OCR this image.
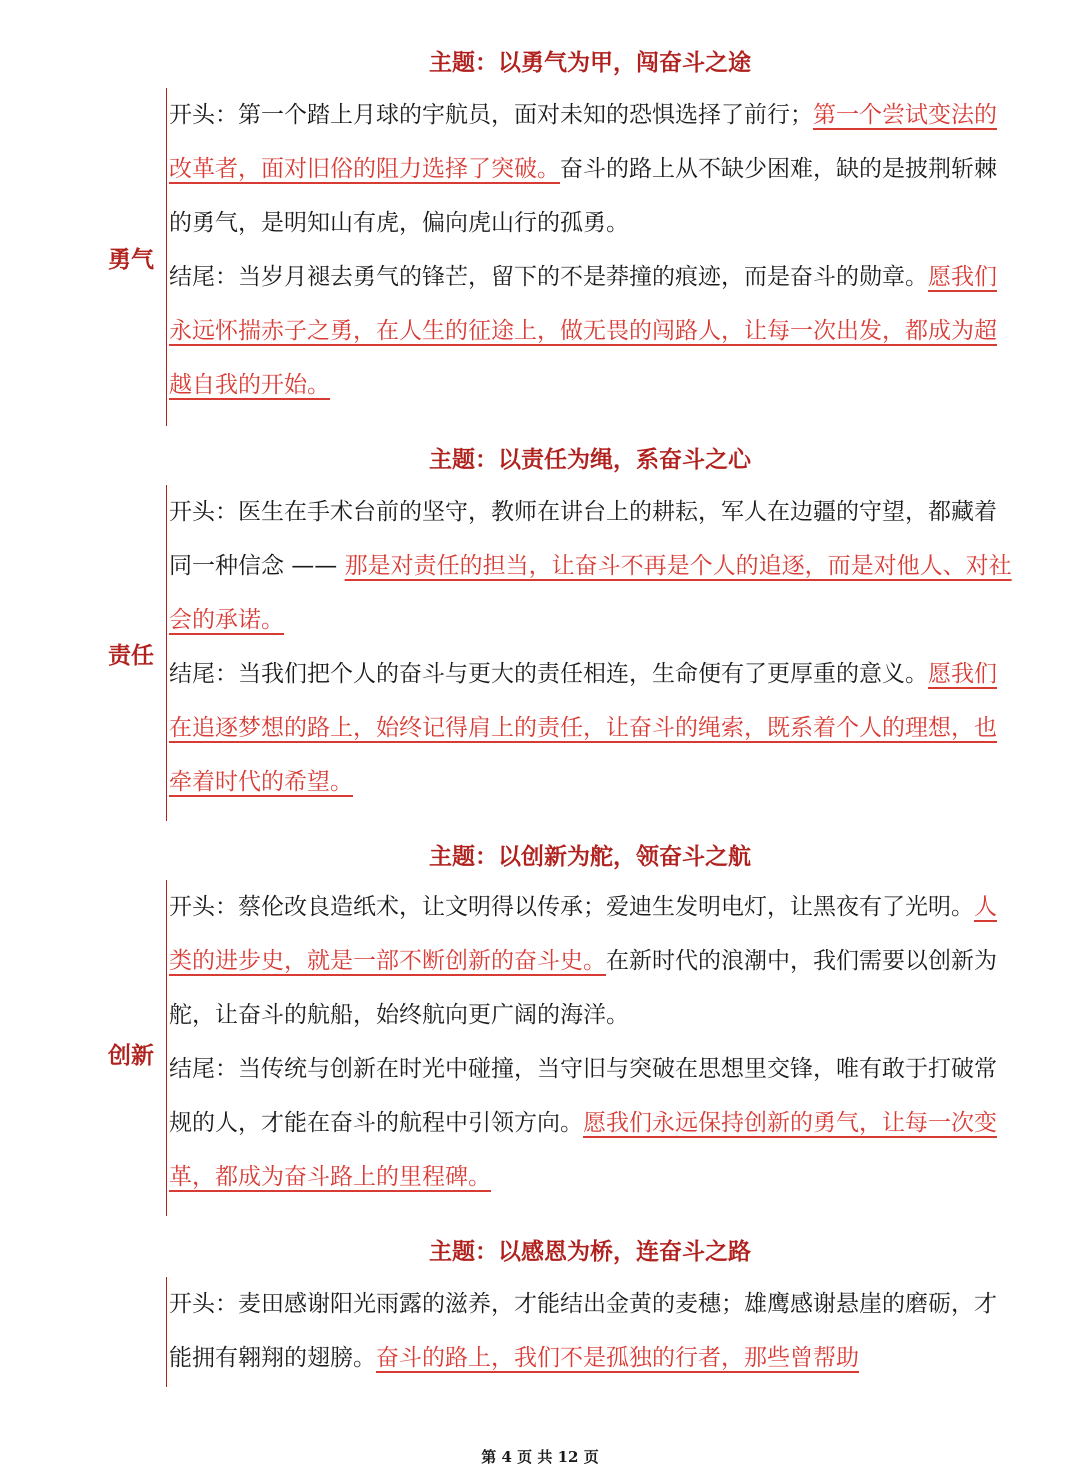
主题：以勇气为甲，闯奋斗之途
勇气

开头：第一个踏上月球的宇航员，面对未知的恐惧选择了前行；第一个尝试变法的改革者，面对旧俗的阻力选择了突破。奋斗的路上从不缺少困难，缺的是披荆斩棘的勇气，是明知山有虎，偏向虎山行的孤勇。

结尾：当岁月褪去勇气的锋芒，留下的不是莽撞的痕迹，而是奋斗的勋章。愿我们永远怀揣赤子之勇，在人生的征途上，做无畏的闯路人，让每一次出发，都成为超越自我的开始。

主题：以责任为绳，系奋斗之心
责任

开头：医生在手术台前的坚守，教师在讲台上的耕耘，军人在边疆的守望，都藏着同一种信念 —— 那是对责任的担当，让奋斗不再是个人的追逐，而是对他人、对社会的承诺。

结尾：当我们把个人的奋斗与更大的责任相连，生命便有了更厚重的意义。愿我们在追逐梦想的路上，始终记得肩上的责任，让奋斗的绳索，既系着个人的理想，也牵着时代的希望。

主题：以创新为舵，领奋斗之航
创新

开头：蔡伦改良造纸术，让文明得以传承；爱迪生发明电灯，让黑夜有了光明。人类的进步史，就是一部不断创新的奋斗史。在新时代的浪潮中，我们需要以创新为舵，让奋斗的航船，始终航向更广阔的海洋。

结尾：当传统与创新在时光中碰撞，当守旧与突破在思想里交锋，唯有敢于打破常规的人，才能在奋斗的航程中引领方向。愿我们永远保持创新的勇气，让每一次变革，都成为奋斗路上的里程碑。

主题：以感恩为桥，连奋斗之路

开头：麦田感谢阳光雨露的滋养，才能结出金黄的麦穗；雄鹰感谢悬崖的磨砺，才能拥有翱翔的翅膀。奋斗的路上，我们不是孤独的行者，那些曾帮助

第 4 页 共 12 页
